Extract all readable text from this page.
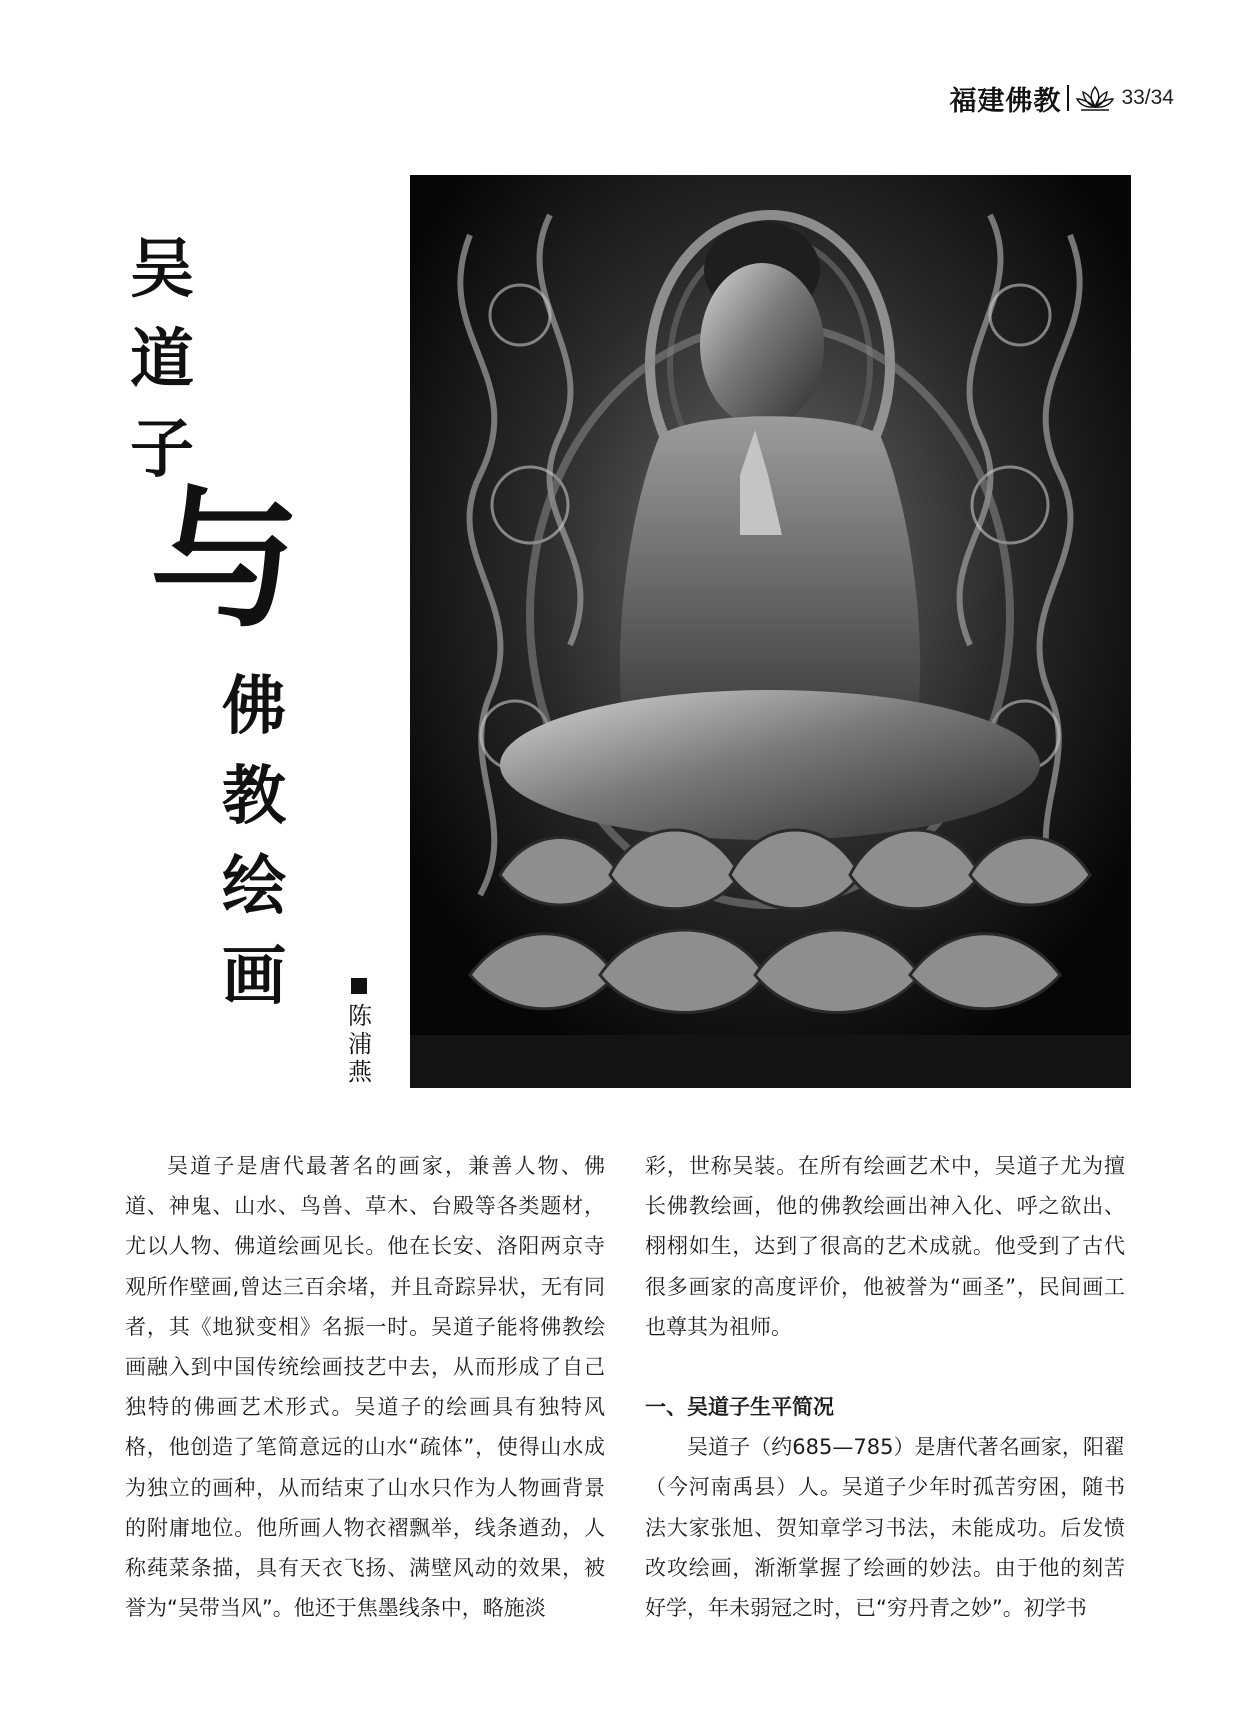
福建佛教	33/34
吴
道
子
与
佛
教
绘
画
陈
浦
燕

吴道子是唐代最著名的画家，兼善人物、佛道、神鬼、山水、鸟兽、草木、台殿等各类题材，尤以人物、佛道绘画见长。他在长安、洛阳两京寺观所作壁画,曾达三百余堵，并且奇踪异状，无有同者，其《地狱变相》名振一时。吴道子能将佛教绘画融入到中国传统绘画技艺中去，从而形成了自己独特的佛画艺术形式。吴道子的绘画具有独特风格，他创造了笔简意远的山水“疏体”，使得山水成为独立的画种，从而结束了山水只作为人物画背景的附庸地位。他所画人物衣褶飘举，线条遒劲，人称莼菜条描，具有天衣飞扬、满壁风动的效果，被誉为“吴带当风”。他还于焦墨线条中，略施淡

彩，世称吴装。在所有绘画艺术中，吴道子尤为擅长佛教绘画，他的佛教绘画出神入化、呼之欲出、栩栩如生，达到了很高的艺术成就。他受到了古代很多画家的高度评价，他被誉为“画圣”，民间画工也尊其为祖师。

一、吴道子生平简况

吴道子（约685—785）是唐代著名画家，阳翟（今河南禹县）人。吴道子少年时孤苦穷困，随书法大家张旭、贺知章学习书法，未能成功。后发愤改攻绘画，渐渐掌握了绘画的妙法。由于他的刻苦好学，年未弱冠之时，已“穷丹青之妙”。初学书
